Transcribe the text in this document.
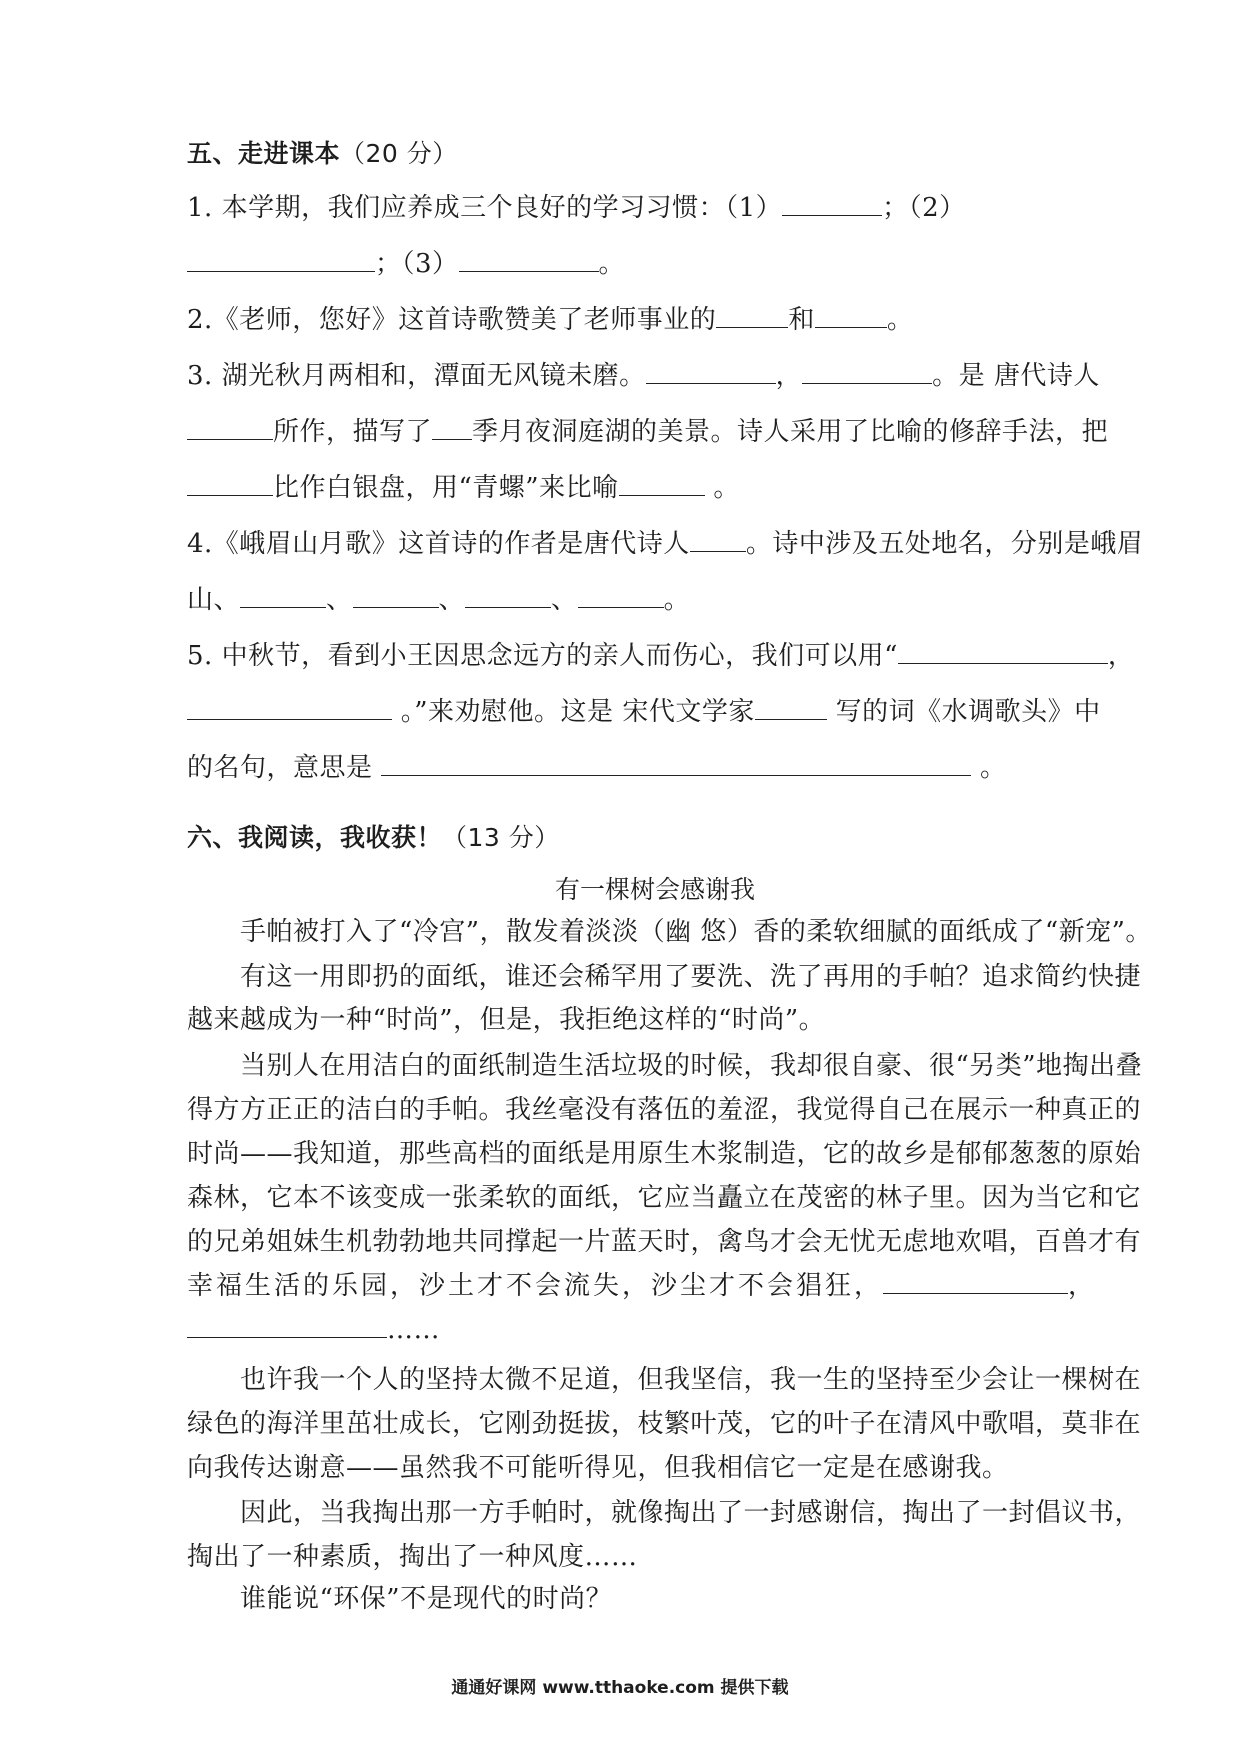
五、走进课本（20 分）
1. 本学期，我们应养成三个良好的学习习惯：（1）	；（2）
；（3）	。
2.《老师，您好》这首诗歌赞美了老师事业的	和	。
3. 湖光秋月两相和，潭面无风镜未磨。	，	。是 唐代诗人
所作，描写了 季月夜洞庭湖的美景。诗人采用了比喻的修辞手法，把
比作白银盘，用“青螺”来比喻	。
4.《峨眉山月歌》这首诗的作者是唐代诗人 。诗中涉及五处地名，分别是峨眉
山、	、	、	、	。
5. 中秋节，看到小王因思念远方的亲人而伤心，我们可以用“	，
。”来劝慰他。这是 宋代文学家	写的词《水调歌头》中
的名句，意思是	。
六、我阅读，我收获！（13 分）
有一棵树会感谢我
手帕被打入了“冷宫”，散发着淡淡（幽 悠）香的柔软细腻的面纸成了“新宠”。
有这一用即扔的面纸，谁还会稀罕用了要洗、洗了再用的手帕？追求简约快捷
越来越成为一种“时尚”，但是，我拒绝这样的“时尚”。
当别人在用洁白的面纸制造生活垃圾的时候，我却很自豪、很“另类”地掏出叠
得方方正正的洁白的手帕。我丝毫没有落伍的羞涩，我觉得自己在展示一种真正的
时尚——我知道，那些高档的面纸是用原生木浆制造，它的故乡是郁郁葱葱的原始
森林，它本不该变成一张柔软的面纸，它应当矗立在茂密的林子里。因为当它和它
的兄弟姐妹生机勃勃地共同撑起一片蓝天时，禽鸟才会无忧无虑地欢唱，百兽才有
幸福生活的乐园，沙土才不会流失，沙尘才不会猖狂，	，
……
也许我一个人的坚持太微不足道，但我坚信，我一生的坚持至少会让一棵树在
绿色的海洋里茁壮成长，它刚劲挺拔，枝繁叶茂，它的叶子在清风中歌唱，莫非在
向我传达谢意——虽然我不可能听得见，但我相信它一定是在感谢我。
因此，当我掏出那一方手帕时，就像掏出了一封感谢信，掏出了一封倡议书，
掏出了一种素质，掏出了一种风度……
谁能说“环保”不是现代的时尚？
通通好课网 www.tthaoke.com 提供下载
